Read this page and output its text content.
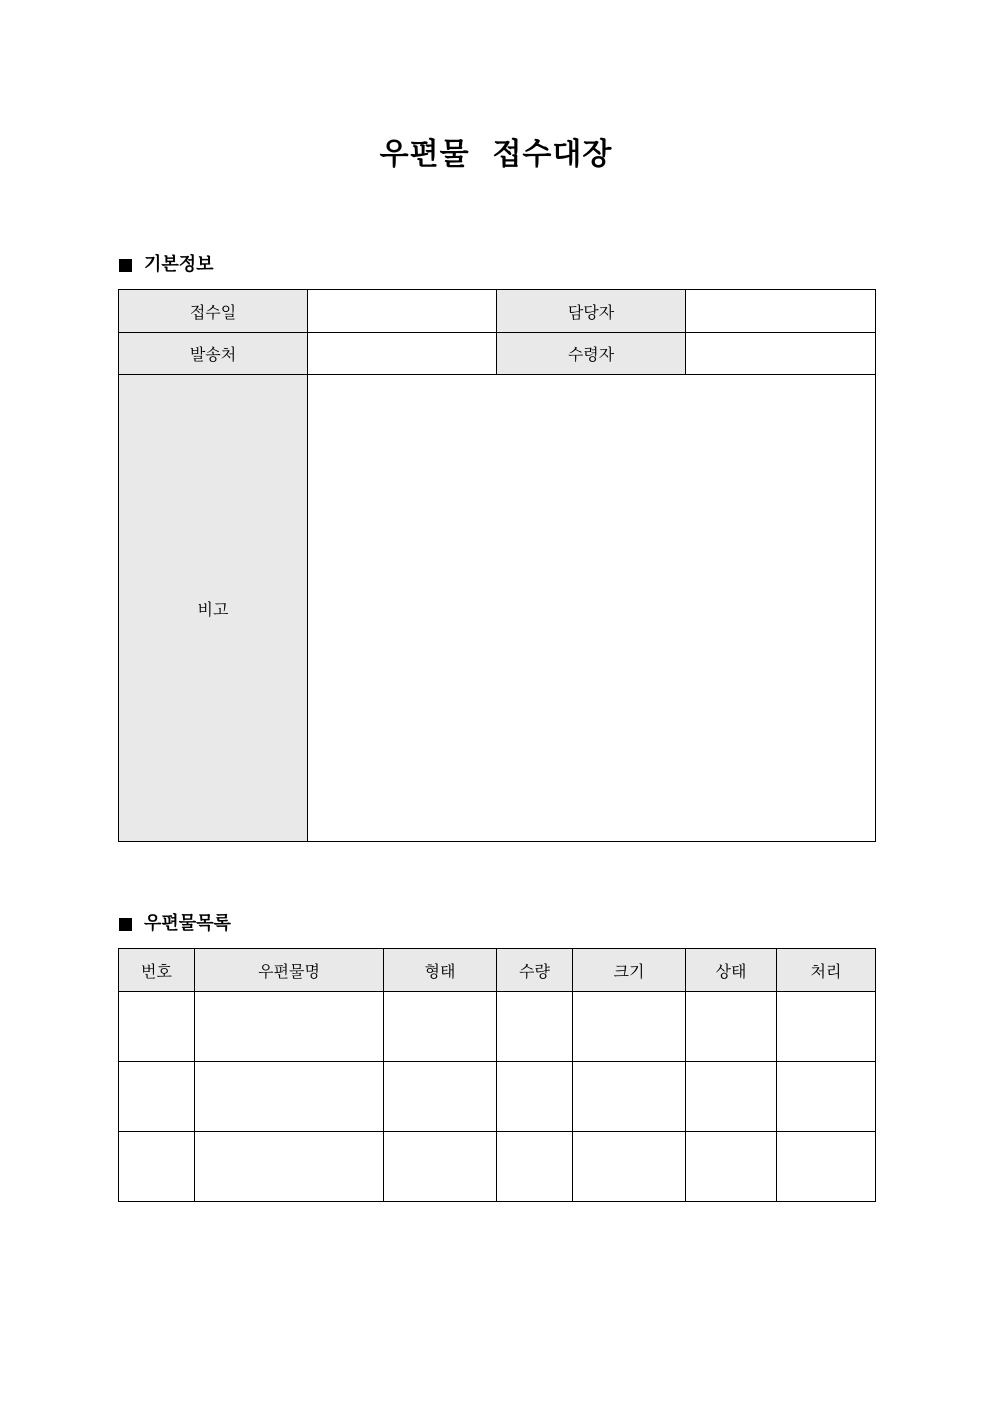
우편물  접수대장
기본정보
접수일		담당자	
발송처		수령자	
비고			
우편물목록
번호	우편물명	형태	수량	크기	상태	처리
